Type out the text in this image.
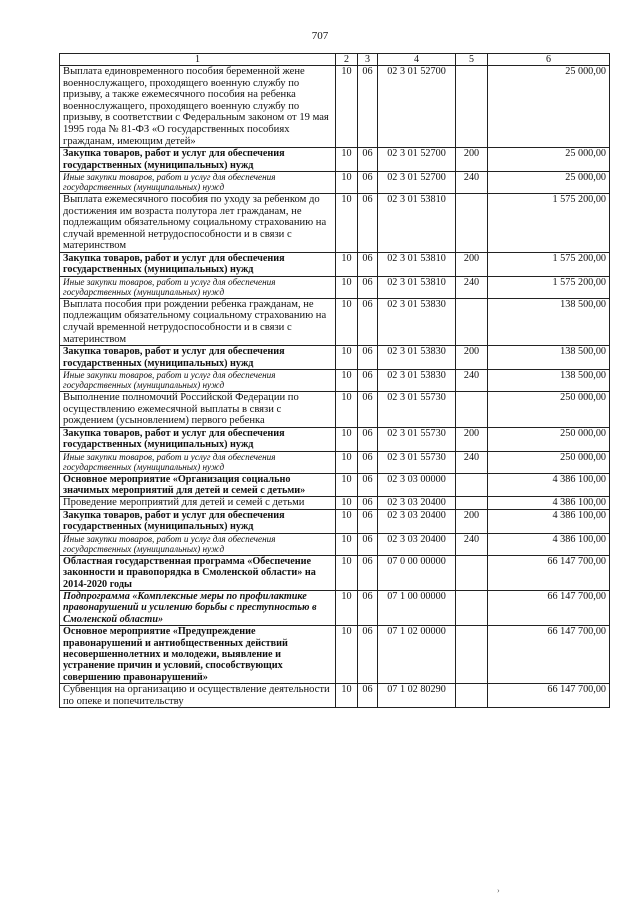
707
1	2	3	4	5	6
Выплата единовременного пособия беременной жене военнослужащего, проходящего военную службу по призыву, а также ежемесячного пособия на ребенка военнослужащего, проходящего военную службу по призыву, в соответствии с Федеральным законом от 19 мая 1995 года № 81-ФЗ «О государственных пособиях гражданам, имеющим детей»	10	06	02 3 01 52700		25 000,00
Закупка товаров, работ и услуг для обеспечения государственных (муниципальных) нужд	10	06	02 3 01 52700	200	25 000,00
Иные закупки товаров, работ и услуг для обеспечения государственных (муниципальных) нужд	10	06	02 3 01 52700	240	25 000,00
Выплата ежемесячного пособия по уходу за ребенком до достижения им возраста полутора лет гражданам, не подлежащим обязательному социальному страхованию на случай временной нетрудоспособности и в связи с материнством	10	06	02 3 01 53810		1 575 200,00
Закупка товаров, работ и услуг для обеспечения государственных (муниципальных) нужд	10	06	02 3 01 53810	200	1 575 200,00
Иные закупки товаров, работ и услуг для обеспечения государственных (муниципальных) нужд	10	06	02 3 01 53810	240	1 575 200,00
Выплата пособия при рождении ребенка гражданам, не подлежащим обязательному социальному страхованию на случай временной нетрудоспособности и в связи с материнством	10	06	02 3 01 53830		138 500,00
Закупка товаров, работ и услуг для обеспечения государственных (муниципальных) нужд	10	06	02 3 01 53830	200	138 500,00
Иные закупки товаров, работ и услуг для обеспечения государственных (муниципальных) нужд	10	06	02 3 01 53830	240	138 500,00
Выполнение полномочий Российской Федерации по осуществлению ежемесячной выплаты в связи с рождением (усыновлением) первого ребенка	10	06	02 3 01 55730		250 000,00
Закупка товаров, работ и услуг для обеспечения государственных (муниципальных) нужд	10	06	02 3 01 55730	200	250 000,00
Иные закупки товаров, работ и услуг для обеспечения государственных (муниципальных) нужд	10	06	02 3 01 55730	240	250 000,00
Основное мероприятие «Организация социально значимых мероприятий для детей и семей с детьми»	10	06	02 3 03 00000		4 386 100,00
Проведение мероприятий для детей и семей с детьми	10	06	02 3 03 20400		4 386 100,00
Закупка товаров, работ и услуг для обеспечения государственных (муниципальных) нужд	10	06	02 3 03 20400	200	4 386 100,00
Иные закупки товаров, работ и услуг для обеспечения государственных (муниципальных) нужд	10	06	02 3 03 20400	240	4 386 100,00
Областная государственная программа «Обеспечение законности и правопорядка в Смоленской области» на 2014-2020 годы	10	06	07 0 00 00000		66 147 700,00
Подпрограмма «Комплексные меры по профилактике правонарушений и усилению борьбы с преступностью в Смоленской области»	10	06	07 1 00 00000		66 147 700,00
Основное мероприятие «Предупреждение правонарушений и антиобщественных действий несовершеннолетних и молодежи, выявление и устранение причин и условий, способствующих совершению правонарушений»	10	06	07 1 02 00000		66 147 700,00
Субвенция на организацию и осуществление деятельности по опеке и попечительству	10	06	07 1 02 80290		66 147 700,00
›
